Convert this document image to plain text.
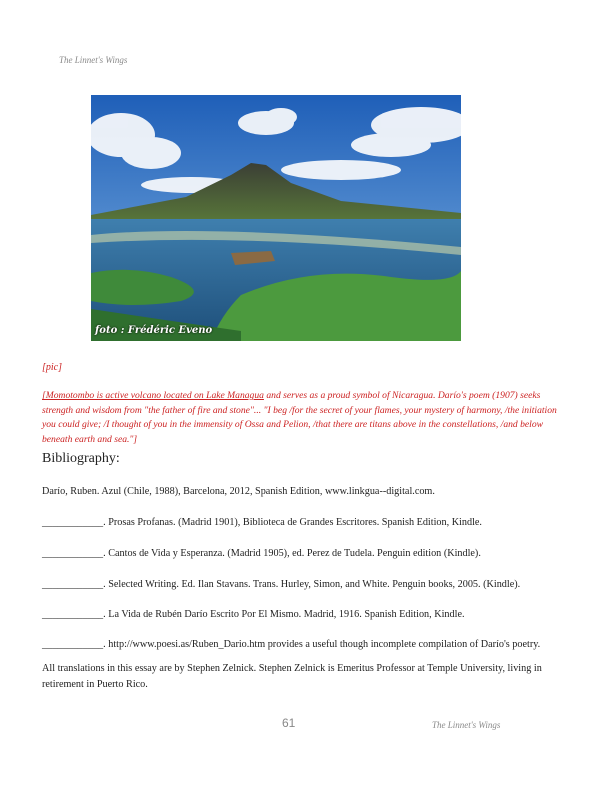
The Linnet's Wings
foto : Frédéric Eveno
[pic]
[Momotombo is active volcano located on Lake Managua and serves as a proud symbol of Nicaragua. Darío's poem (1907) seeks strength and wisdom from "the father of fire and stone"... "I beg /for the secret of your flames, your mystery of harmony, /the initiation you could give; /I thought of you in the immensity of Ossa and Pelion, /that there are titans above in the constellations, /and below beneath earth and sea."]
Bibliography:
Darío, Ruben. Azul (Chile, 1988), Barcelona, 2012, Spanish Edition, www.linkgua--digital.com.
____________. Prosas Profanas. (Madrid 1901), Biblioteca de Grandes Escritores. Spanish Edition, Kindle.
____________. Cantos de Vida y Esperanza. (Madrid 1905), ed. Perez de Tudela. Penguin edition (Kindle).
____________. Selected Writing. Ed. Ilan Stavans. Trans. Hurley, Simon, and White. Penguin books, 2005. (Kindle).
____________. La Vida de Rubén Darío Escrito Por El Mismo. Madrid, 1916. Spanish Edition, Kindle.
____________. http://www.poesi.as/Ruben_Dario.htm provides a useful though incomplete compilation of Darío's poetry.
All translations in this essay are by Stephen Zelnick. Stephen Zelnick is Emeritus Professor at Temple University, living in retirement in Puerto Rico.
61	The Linnet's Wings
